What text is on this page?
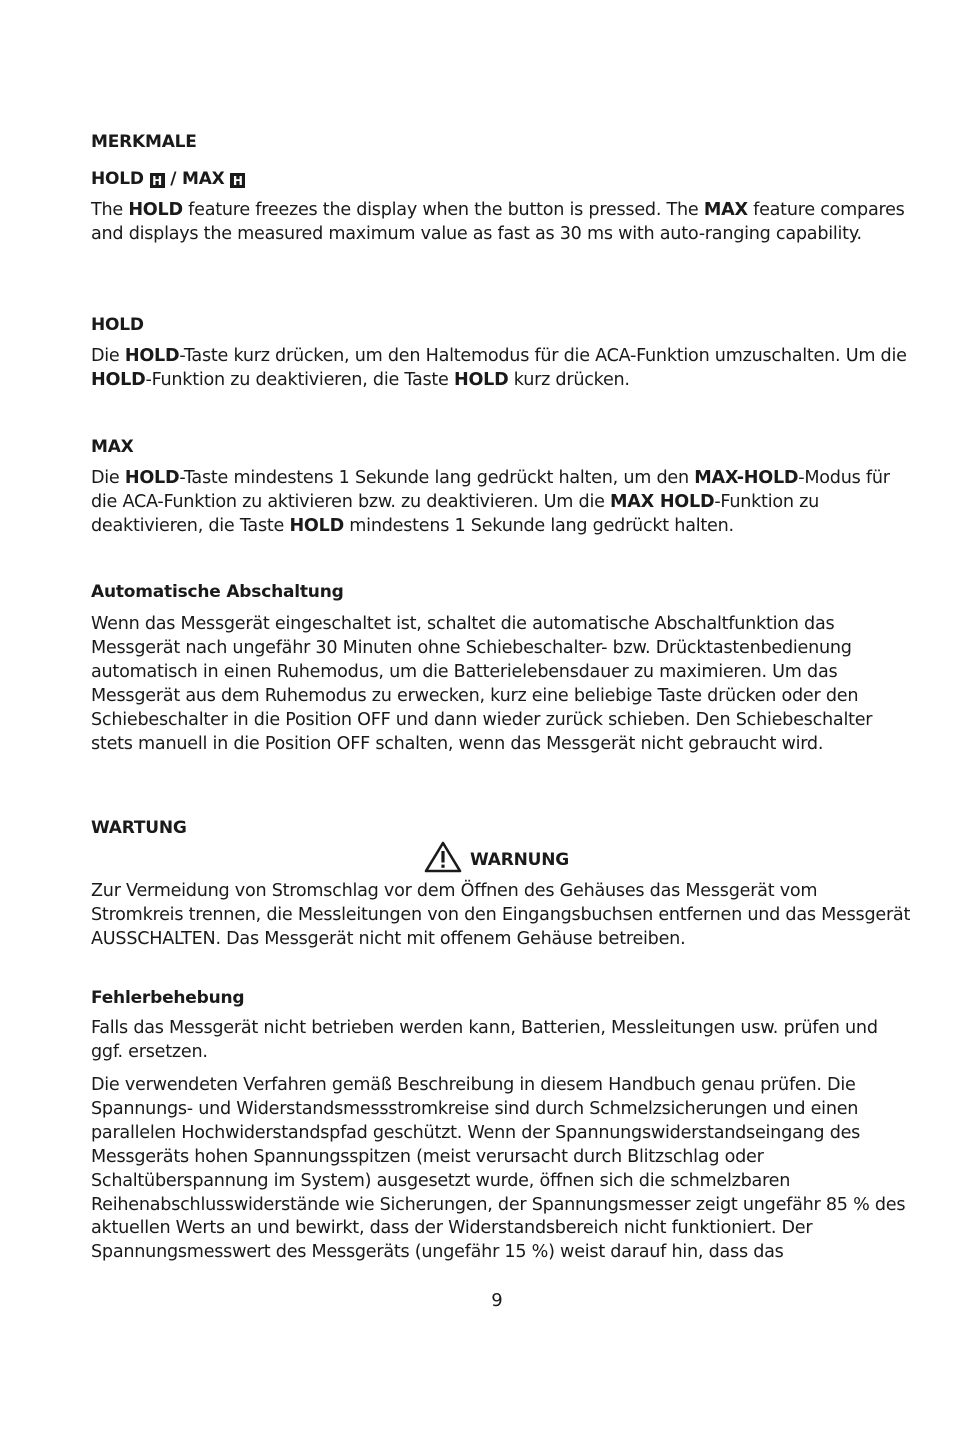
MERKMALE
HOLD H / MAX H
The HOLD feature freezes the display when the button is pressed. The MAX feature compares and displays the measured maximum value as fast as 30 ms with auto-ranging capability.
HOLD
Die HOLD-Taste kurz drücken, um den Haltemodus für die ACA-Funktion umzuschalten. Um die HOLD-Funktion zu deaktivieren, die Taste HOLD kurz drücken.
MAX
Die HOLD-Taste mindestens 1 Sekunde lang gedrückt halten, um den MAX-HOLD-Modus für die ACA-Funktion zu aktivieren bzw. zu deaktivieren. Um die MAX HOLD-Funktion zu deaktivieren, die Taste HOLD mindestens 1 Sekunde lang gedrückt halten.
Automatische Abschaltung
Wenn das Messgerät eingeschaltet ist, schaltet die automatische Abschaltfunktion das Messgerät nach ungefähr 30 Minuten ohne Schiebeschalter- bzw. Drücktastenbedienung automatisch in einen Ruhemodus, um die Batterielebensdauer zu maximieren. Um das Messgerät aus dem Ruhemodus zu erwecken, kurz eine beliebige Taste drücken oder den Schiebeschalter in die Position OFF und dann wieder zurück schieben. Den Schiebeschalter stets manuell in die Position OFF schalten, wenn das Messgerät nicht gebraucht wird.
WARTUNG
WARNUNG
Zur Vermeidung von Stromschlag vor dem Öffnen des Gehäuses das Messgerät vom Stromkreis trennen, die Messleitungen von den Eingangsbuchsen entfernen und das Messgerät AUSSCHALTEN. Das Messgerät nicht mit offenem Gehäuse betreiben.
Fehlerbehebung
Falls das Messgerät nicht betrieben werden kann, Batterien, Messleitungen usw. prüfen und ggf. ersetzen.
Die verwendeten Verfahren gemäß Beschreibung in diesem Handbuch genau prüfen. Die Spannungs- und Widerstandsmessstromkreise sind durch Schmelzsicherungen und einen parallelen Hochwiderstandspfad geschützt. Wenn der Spannungswiderstandseingang des Messgeräts hohen Spannungsspitzen (meist verursacht durch Blitzschlag oder Schaltüberspannung im System) ausgesetzt wurde, öffnen sich die schmelzbaren Reihenabschlusswiderstände wie Sicherungen, der Spannungsmesser zeigt ungefähr 85 % des aktuellen Werts an und bewirkt, dass der Widerstandsbereich nicht funktioniert. Der Spannungsmesswert des Messgeräts (ungefähr 15 %) weist darauf hin, dass das
9
